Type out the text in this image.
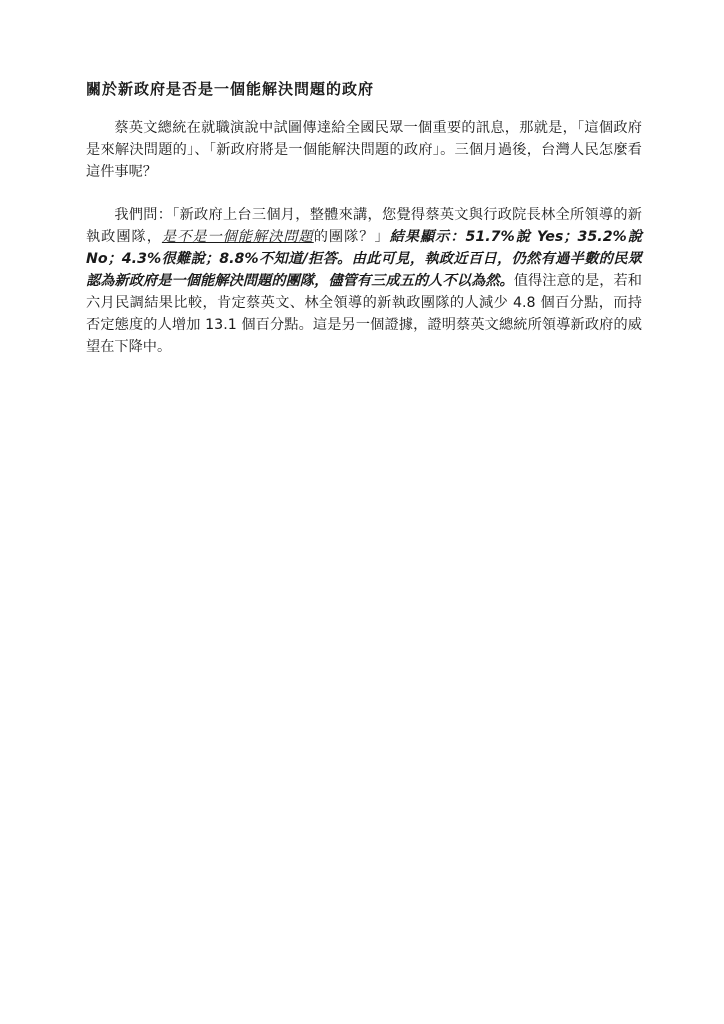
關於新政府是否是一個能解決問題的政府

蔡英文總統在就職演說中試圖傳達給全國民眾一個重要的訊息，那就是，「這個政府是來解決問題的」、「新政府將是一個能解決問題的政府」。三個月過後，台灣人民怎麼看這件事呢？

我們問：「新政府上台三個月，整體來講，您覺得蔡英文與行政院長林全所領導的新執政團隊，是不是一個能解決問題的團隊？」結果顯示：51.7%說 Yes；35.2%說 No；4.3%很難說；8.8%不知道/拒答。由此可見，執政近百日，仍然有過半數的民眾認為新政府是一個能解決問題的團隊，儘管有三成五的人不以為然。值得注意的是，若和六月民調結果比較，肯定蔡英文、林全領導的新執政團隊的人減少 4.8 個百分點，而持否定態度的人增加 13.1 個百分點。這是另一個證據，證明蔡英文總統所領導新政府的威望在下降中。
